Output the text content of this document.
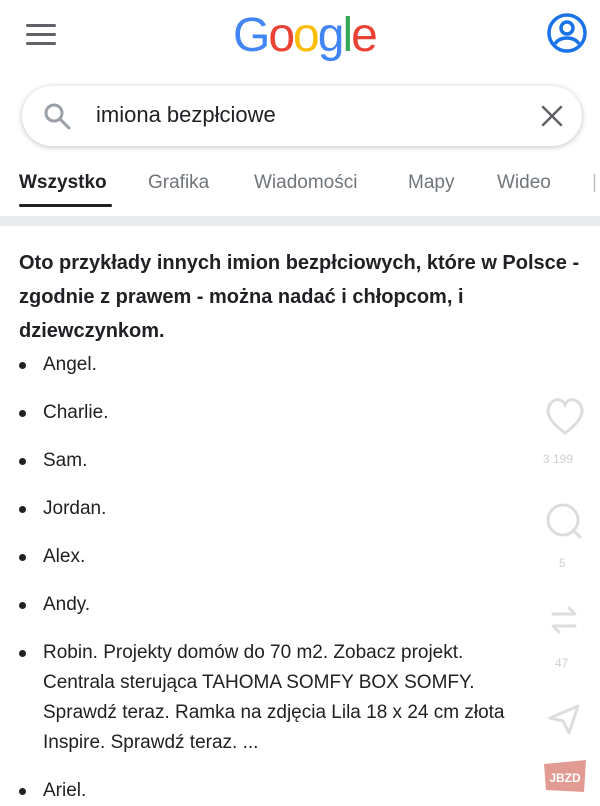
Google
imiona bezpłciowe
Wszystko Grafika Wiadomości	Mapy Wideo |
Oto przykłady innych imion bezpłciowych, które w Polsce - zgodnie z prawem - można nadać i chłopcom, i dziewczynkom.
Angel.
Charlie.
Sam.
Jordan.
Alex.
Andy.
Robin. Projekty domów do 70 m2. Zobacz projekt. Centrala sterująca TAHOMA SOMFY BOX SOMFY. Sprawdź teraz. Ramka na zdjęcia Lila 18 x 24 cm złota Inspire. Sprawdź teraz. ...
Ariel.
3 199
5
47
JBZD
